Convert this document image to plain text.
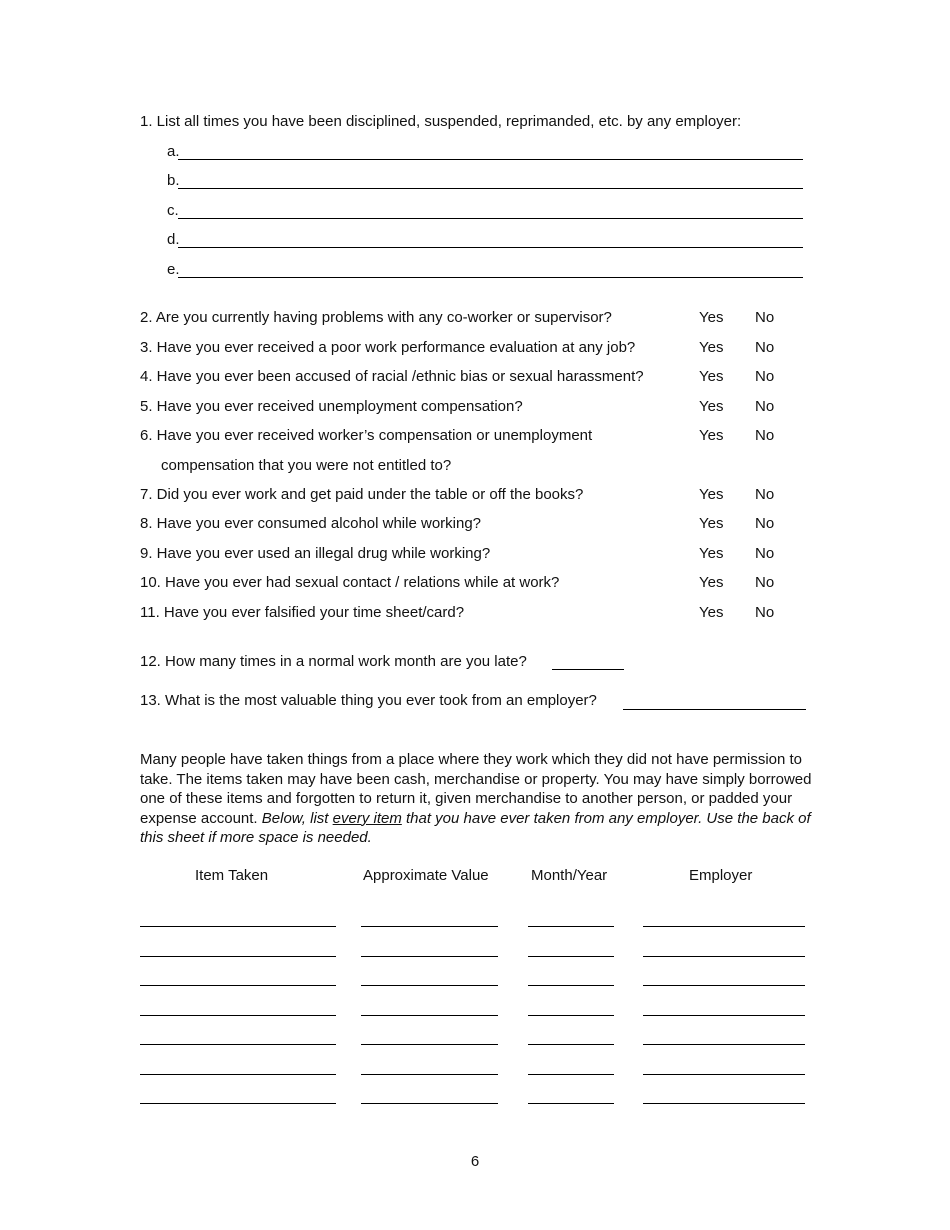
1. List all times you have been disciplined, suspended, reprimanded, etc. by any employer:
a.
b.
c.
d.
e.
2. Are you currently having problems with any co-worker or supervisor?	Yes No
3. Have you ever received a poor work performance evaluation at any job?	Yes No
4. Have you ever been accused of racial /ethnic bias or sexual harassment?	Yes No
5. Have you ever received unemployment compensation?	Yes No
6. Have you ever received worker’s compensation or unemployment	Yes No
compensation that you were not entitled to?
7. Did you ever work and get paid under the table or off the books?	Yes No
8. Have you ever consumed alcohol while working?	Yes No
9. Have you ever used an illegal drug while working?	Yes No
10. Have you ever had sexual contact / relations while at work?	Yes No
11. Have you ever falsified your time sheet/card?	Yes No
12. How many times in a normal work month are you late?
13. What is the most valuable thing you ever took from an employer?
Many people have taken things from a place where they work which they did not have permission to take. The items taken may have been cash, merchandise or property. You may have simply borrowed one of these items and forgotten to return it, given merchandise to another person, or padded your expense account. Below, list every item that you have ever taken from any employer. Use the back of this sheet if more space is needed.
Item Taken	Approximate Value	Month/Year	Employer
6
